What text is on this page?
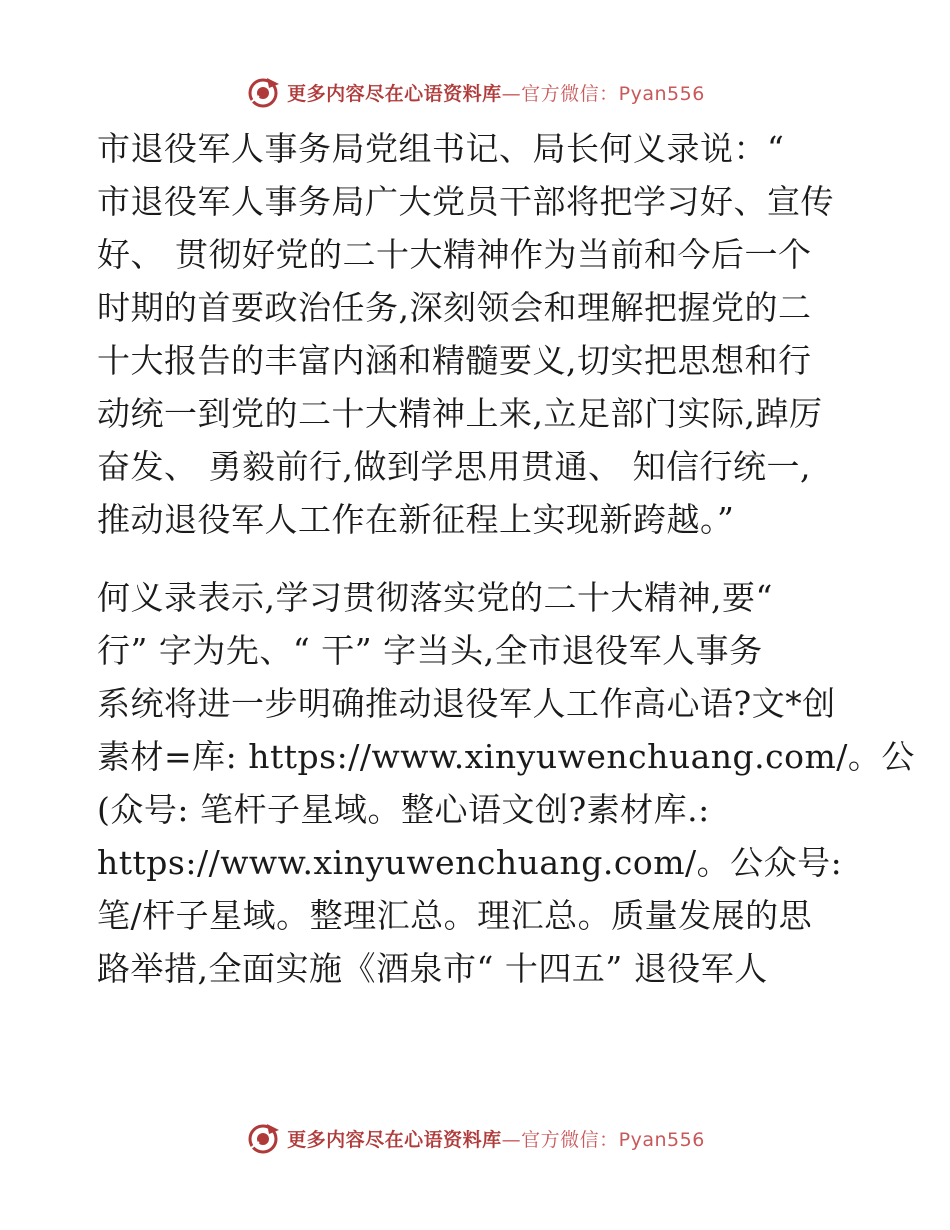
更多内容尽在心语资料库—官方微信：Pyan556
市退役军人事务局党组书记、局长何义录说：“
市退役军人事务局广大党员干部将把学习好、宣传
好、 贯彻好党的二十大精神作为当前和今后一个
时期的首要政治任务,深刻领会和理解把握党的二
十大报告的丰富内涵和精髓要义,切实把思想和行
动统一到党的二十大精神上来,立足部门实际,踔厉
奋发、 勇毅前行,做到学思用贯通、 知信行统一,
推动退役军人工作在新征程上实现新跨越。”
何义录表示,学习贯彻落实党的二十大精神,要“
行” 字为先、“ 干” 字当头,全市退役军人事务
系统将进一步明确推动退役军人工作高心语?文*创
素材=库: https://www.xinyuwenchuang.com/。公
(众号: 笔杆子星域。整心语文创?素材库.:
https://www.xinyuwenchuang.com/。公众号:
笔/杆子星域。整理汇总。理汇总。质量发展的思
路举措,全面实施《酒泉市“ 十四五” 退役军人
更多内容尽在心语资料库—官方微信：Pyan556
